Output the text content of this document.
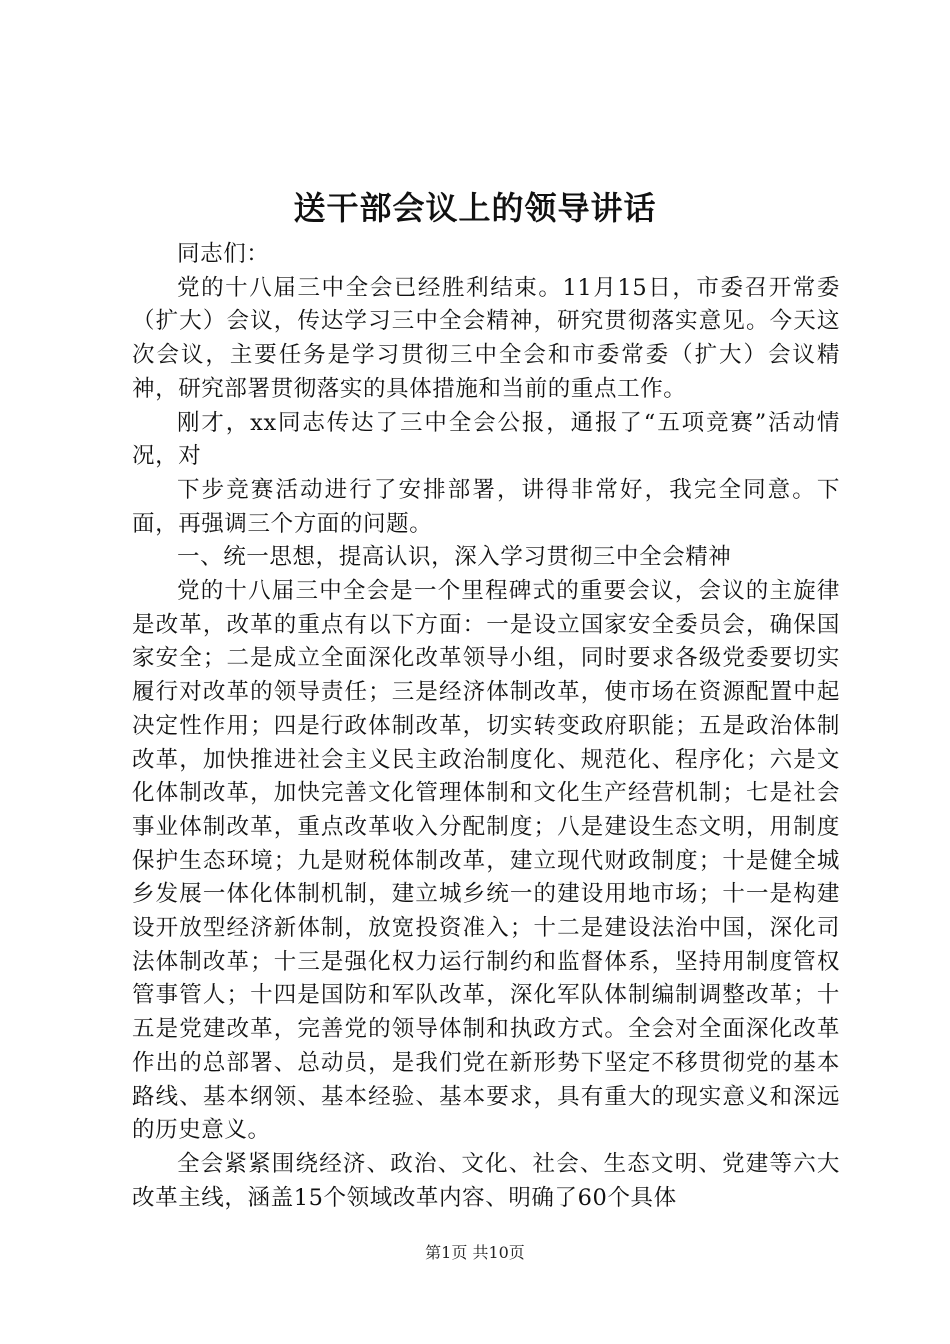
送干部会议上的领导讲话

同志们：

党的十八届三中全会已经胜利结束。11月15日，市委召开常委（扩大）会议，传达学习三中全会精神，研究贯彻落实意见。今天这次会议，主要任务是学习贯彻三中全会和市委常委（扩大）会议精神，研究部署贯彻落实的具体措施和当前的重点工作。

刚才，xx同志传达了三中全会公报，通报了“五项竞赛”活动情况，对

下步竞赛活动进行了安排部署，讲得非常好，我完全同意。下面，再强调三个方面的问题。

一、统一思想，提高认识，深入学习贯彻三中全会精神

党的十八届三中全会是一个里程碑式的重要会议，会议的主旋律是改革，改革的重点有以下方面：一是设立国家安全委员会，确保国家安全；二是成立全面深化改革领导小组，同时要求各级党委要切实履行对改革的领导责任；三是经济体制改革，使市场在资源配置中起决定性作用；四是行政体制改革，切实转变政府职能；五是政治体制改革，加快推进社会主义民主政治制度化、规范化、程序化；六是文化体制改革，加快完善文化管理体制和文化生产经营机制；七是社会事业体制改革，重点改革收入分配制度；八是建设生态文明，用制度保护生态环境；九是财税体制改革，建立现代财政制度；十是健全城乡发展一体化体制机制，建立城乡统一的建设用地市场；十一是构建设开放型经济新体制，放宽投资准入；十二是建设法治中国，深化司法体制改革；十三是强化权力运行制约和监督体系，坚持用制度管权管事管人；十四是国防和军队改革，深化军队体制编制调整改革；十五是党建改革，完善党的领导体制和执政方式。全会对全面深化改革作出的总部署、总动员，是我们党在新形势下坚定不移贯彻党的基本路线、基本纲领、基本经验、基本要求，具有重大的现实意义和深远的历史意义。

全会紧紧围绕经济、政治、文化、社会、生态文明、党建等六大改革主线，涵盖15个领域改革内容、明确了60个具体

第1页 共10页
